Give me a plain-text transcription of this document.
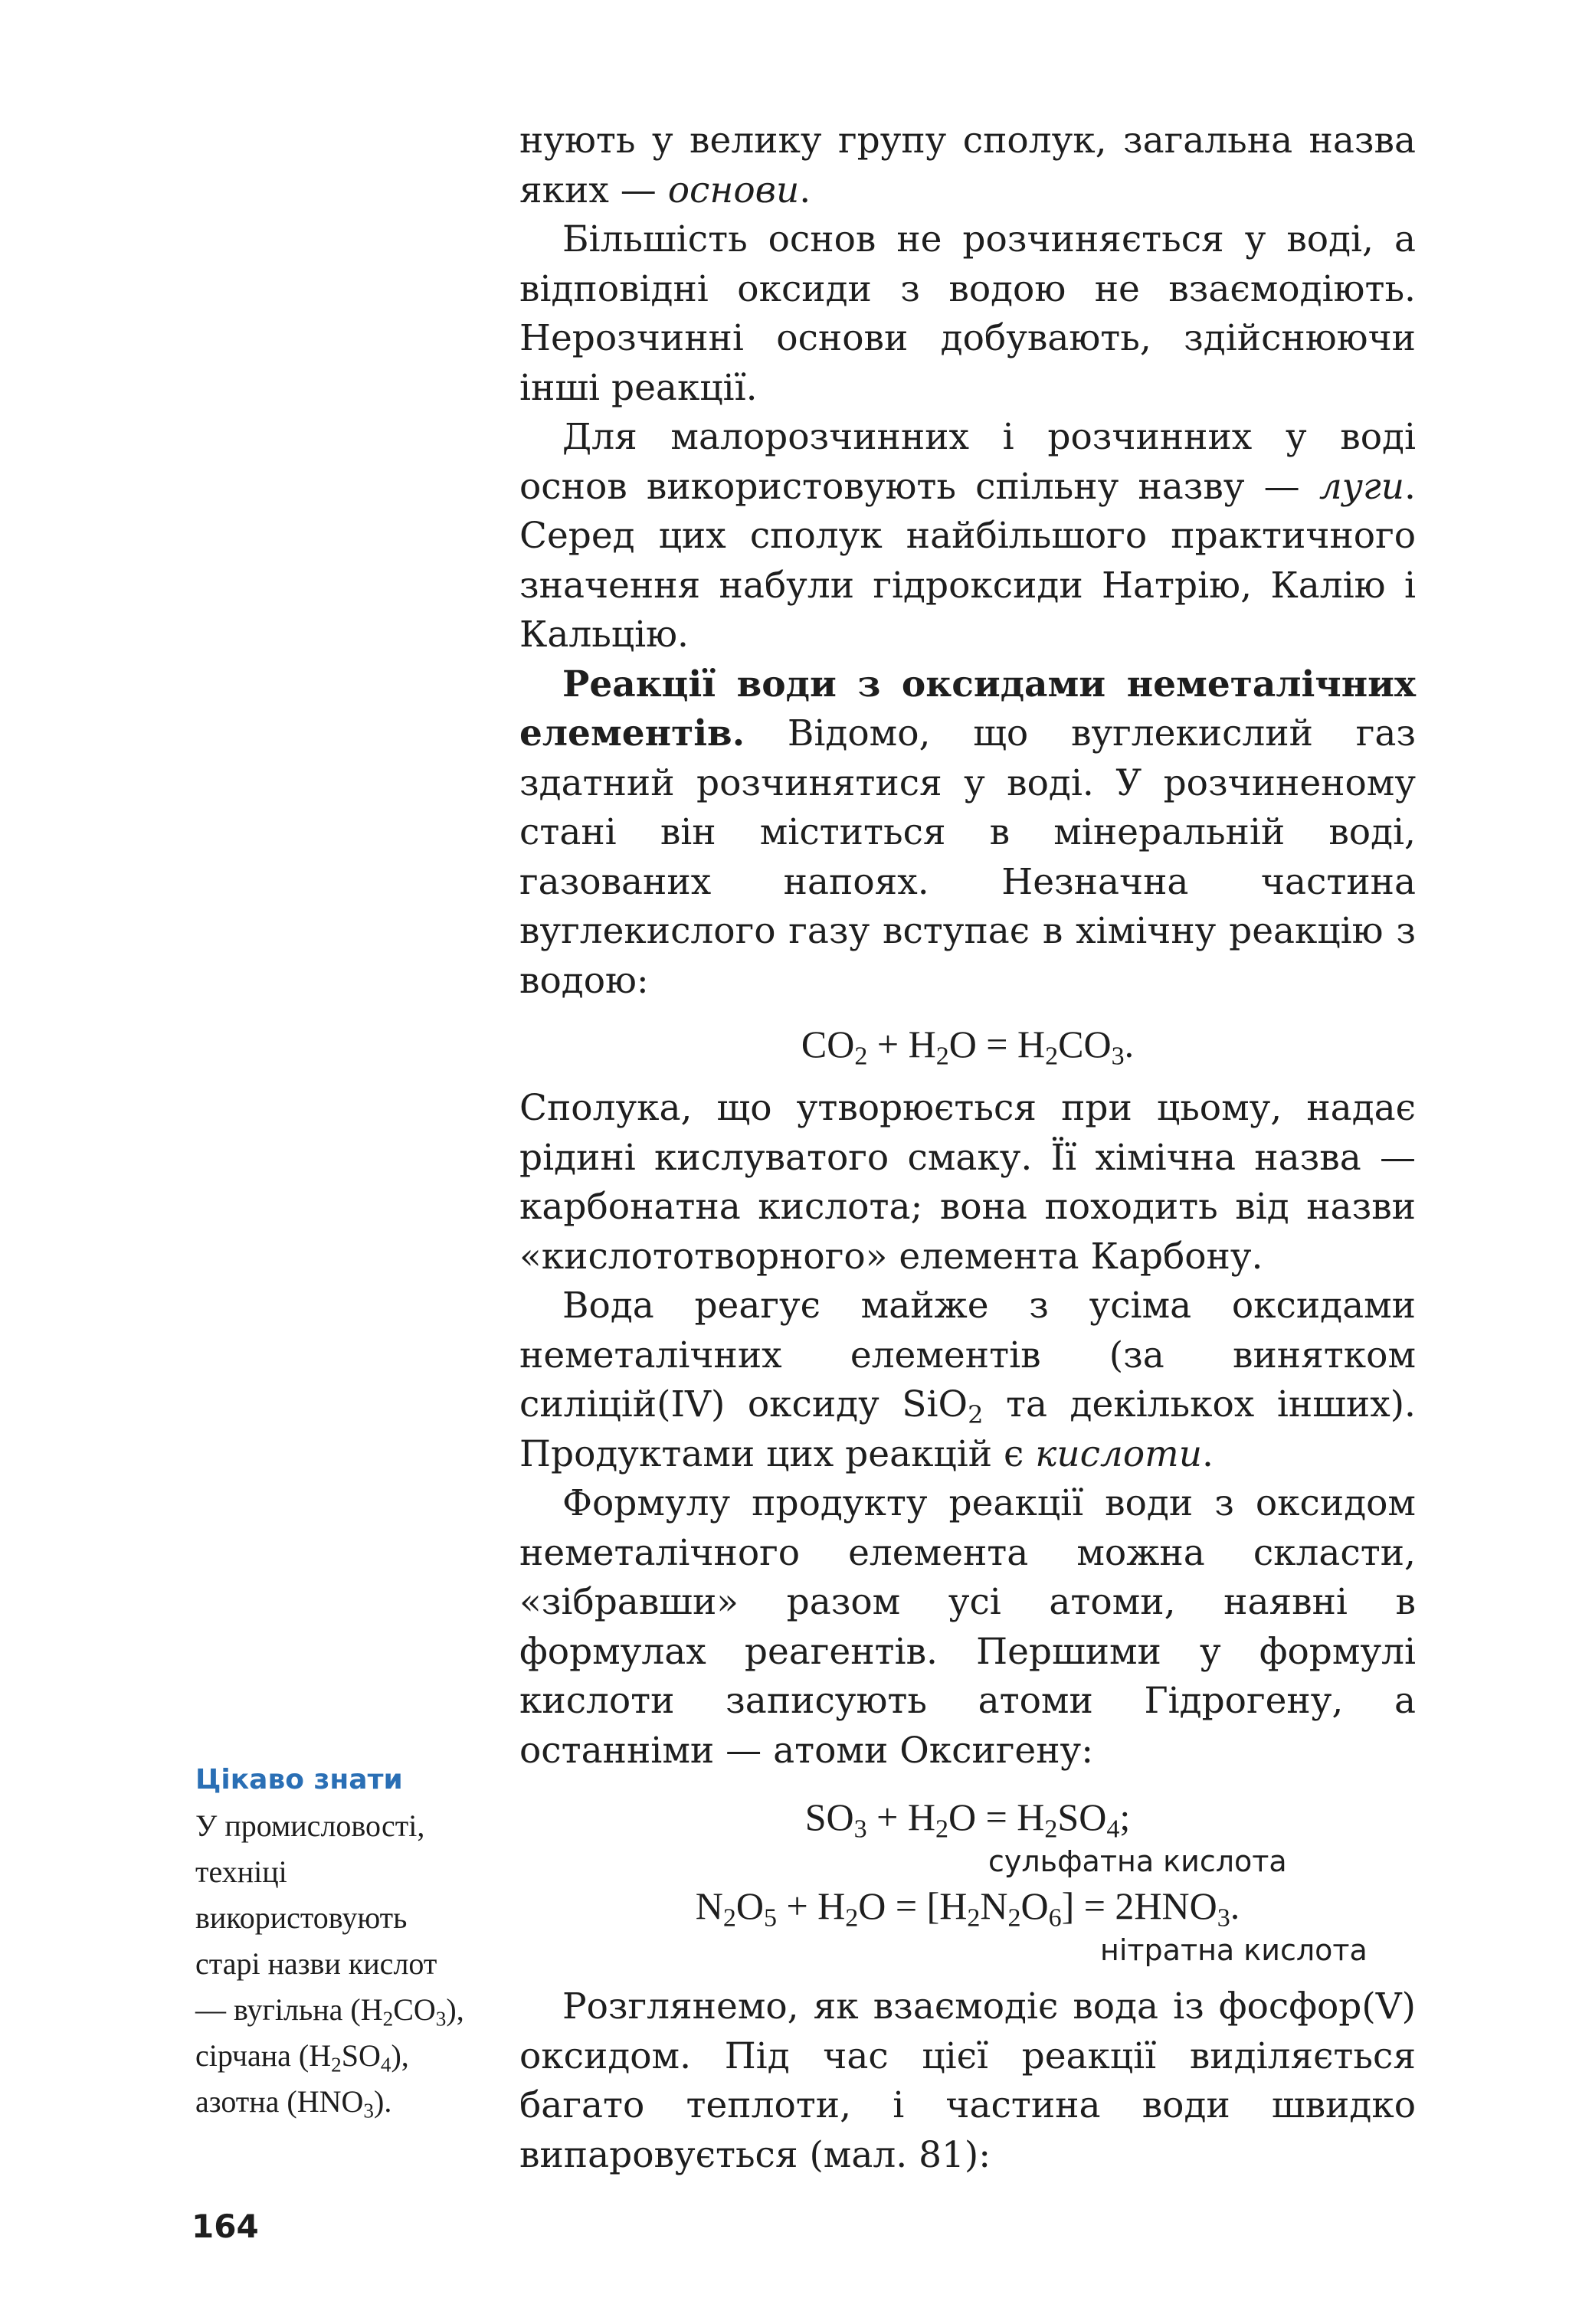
нують у велику групу сполук, загальна назва яких — основи.

Більшість основ не розчиняється у воді, а відповідні оксиди з водою не взаємодіють. Нерозчинні основи добувають, здійснюючи інші реакції.

Для малорозчинних і розчинних у воді основ використовують спільну назву — луги. Серед цих сполук найбільшого практичного значення набули гідроксиди Натрію, Калію і Кальцію.

Реакції води з оксидами неметалічних елементів. Відомо, що вуглекислий газ здатний розчинятися у воді. У розчиненому стані він міститься в мінеральній воді, газованих напоях. Незначна частина вуглекислого газу вступає в хімічну реакцію з водою:

$CO_2 + H_2O = H_2CO_3$.

Сполука, що утворюється при цьому, надає рідині кислуватого смаку. Її хімічна назва — карбонатна кислота; вона походить від назви «кислототворного» елемента Карбону.

Вода реагує майже з усіма оксидами неметалічних елементів (за винятком силіцій(IV) оксиду SiO$_2$ та декількох інших). Продуктами цих реакцій є кислоти.

Формулу продукту реакції води з оксидом неметалічного елемента можна скласти, «зібравши» разом усі атоми, наявні в формулах реагентів. Першими у формулі кислоти записують атоми Гідрогену, а останніми — атоми Оксигену:

$SO_3 + H_2O = H_2SO_4$;
сульфатна кислота
$N_2O_5 + H_2O = [H_2N_2O_6] = 2HNO_3$.
нітратна кислота

Розглянемо, як взаємодіє вода із фосфор(V) оксидом. Під час цієї реакції виділяється багато теплоти, і частина води швидко випаровується (мал. 81):

Цікаво знати
У промисловості, техніці використовують старі назви кислот — вугільна $(H_2CO_3)$, сірчана $(H_2SO_4)$, азотна $(HNO_3)$.
164
